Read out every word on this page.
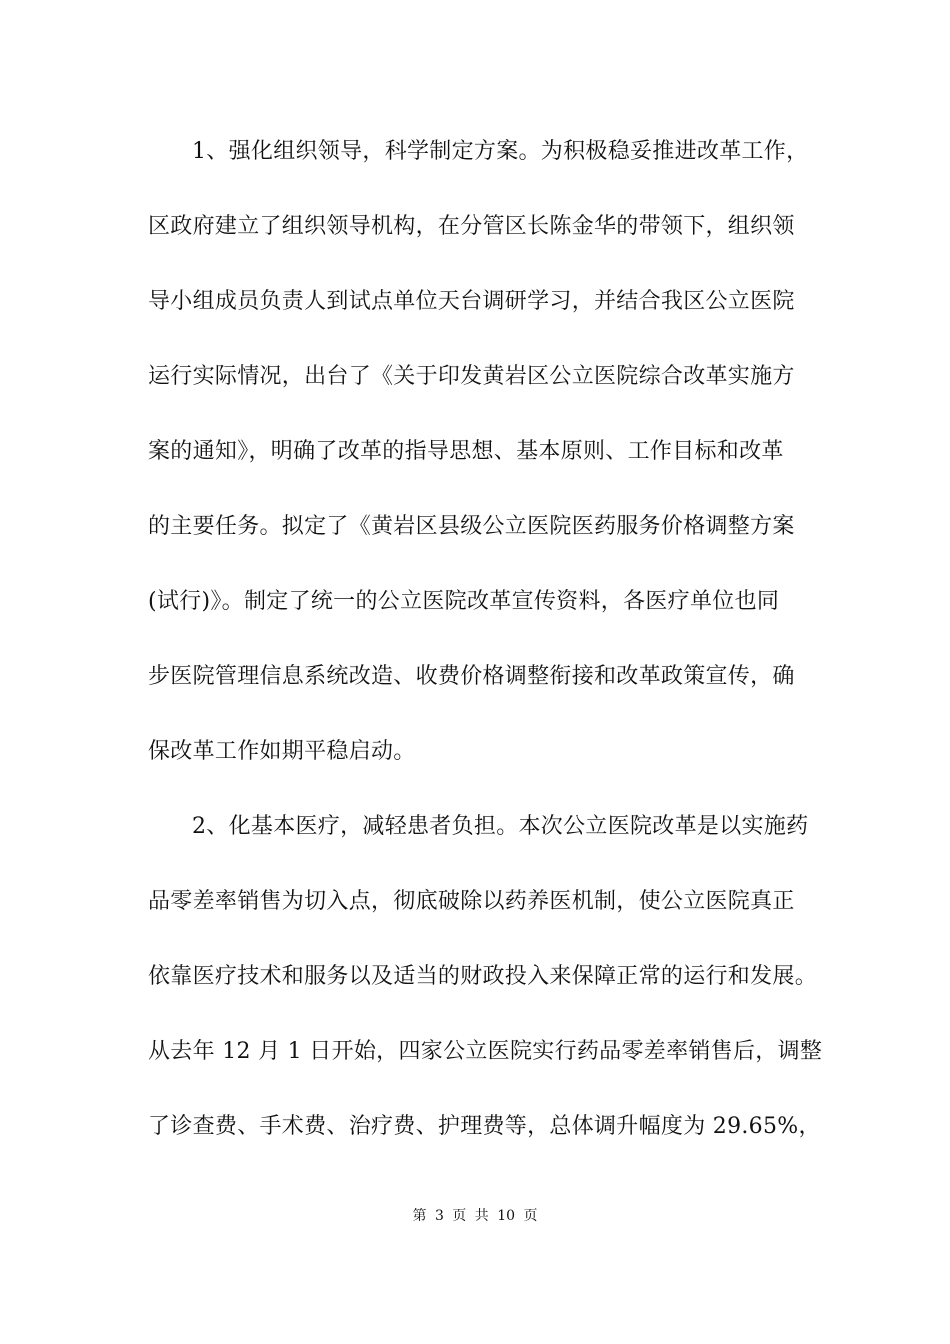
1、强化组织领导，科学制定方案。为积极稳妥推进改革工作，
区政府建立了组织领导机构，在分管区长陈金华的带领下，组织领
导小组成员负责人到试点单位天台调研学习，并结合我区公立医院
运行实际情况，出台了《关于印发黄岩区公立医院综合改革实施方
案的通知》，明确了改革的指导思想、基本原则、工作目标和改革
的主要任务。拟定了《黄岩区县级公立医院医药服务价格调整方案
(试行)》。制定了统一的公立医院改革宣传资料，各医疗单位也同
步医院管理信息系统改造、收费价格调整衔接和改革政策宣传，确
保改革工作如期平稳启动。
2、化基本医疗，减轻患者负担。本次公立医院改革是以实施药
品零差率销售为切入点，彻底破除以药养医机制，使公立医院真正
依靠医疗技术和服务以及适当的财政投入来保障正常的运行和发展。
从去年 12 月 1 日开始，四家公立医院实行药品零差率销售后，调整
了诊查费、手术费、治疗费、护理费等，总体调升幅度为 29.65%，
第 3 页 共 10 页
